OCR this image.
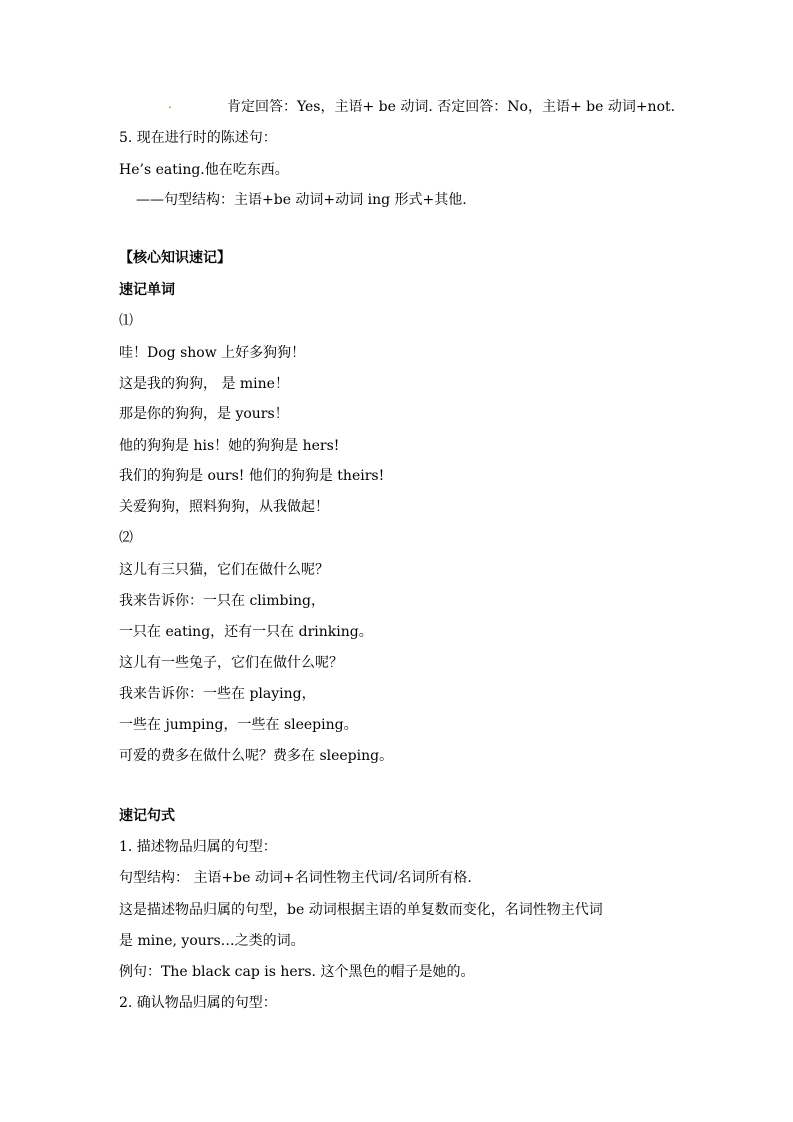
.	肯定回答：Yes，主语+ be 动词. 否定回答：No，主语+ be 动词+not.
5. 现在进行时的陈述句：
He’s eating.他在吃东西。
——句型结构：主语+be 动词+动词 ing 形式+其他.
【核心知识速记】
速记单词
⑴
哇！Dog show 上好多狗狗！
这是我的狗狗， 是 mine！
那是你的狗狗，是 yours！
他的狗狗是 his！她的狗狗是 hers!
我们的狗狗是 ours! 他们的狗狗是 theirs!
关爱狗狗，照料狗狗，从我做起！
⑵
这儿有三只猫，它们在做什么呢？
我来告诉你：一只在 climbing，
一只在 eating，还有一只在 drinking。
这儿有一些兔子，它们在做什么呢？
我来告诉你：一些在 playing，
一些在 jumping，一些在 sleeping。
可爱的费多在做什么呢？费多在 sleeping。
速记句式
1. 描述物品归属的句型：
句型结构： 主语+be 动词+名词性物主代词/名词所有格.
这是描述物品归属的句型，be 动词根据主语的单复数而变化，名词性物主代词
是 mine, yours…之类的词。
例句：The black cap is hers. 这个黑色的帽子是她的。
2. 确认物品归属的句型：
